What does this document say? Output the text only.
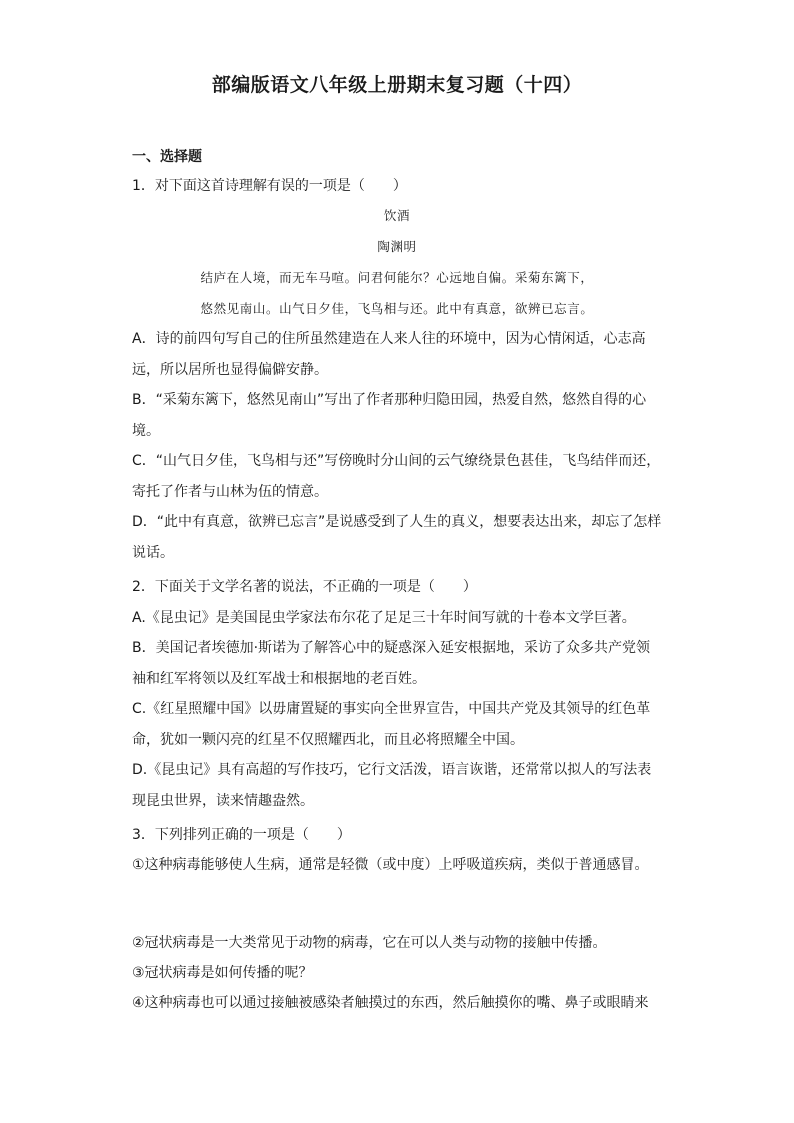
部编版语文八年级上册期末复习题（十四）
一、选择题

1．对下面这首诗理解有误的一项是（　　）

饮酒
陶渊明
结庐在人境，而无车马喧。问君何能尔？心远地自偏。采菊东篱下，
悠然见南山。山气日夕佳，飞鸟相与还。此中有真意，欲辨已忘言。

A．诗的前四句写自己的住所虽然建造在人来人往的环境中，因为心情闲适，心志高远，所以居所也显得偏僻安静。

B．“采菊东篱下，悠然见南山”写出了作者那种归隐田园，热爱自然，悠然自得的心境。

C．“山气日夕佳，飞鸟相与还”写傍晚时分山间的云气缭绕景色甚佳，飞鸟结伴而还，寄托了作者与山林为伍的情意。

D．“此中有真意，欲辨已忘言”是说感受到了人生的真义，想要表达出来，却忘了怎样说话。

2．下面关于文学名著的说法，不正确的一项是（　　）

A.《昆虫记》是美国昆虫学家法布尔花了足足三十年时间写就的十卷本文学巨著。

B．美国记者埃德加·斯诺为了解答心中的疑惑深入延安根据地，采访了众多共产党领袖和红军将领以及红军战士和根据地的老百姓。

C.《红星照耀中国》以毋庸置疑的事实向全世界宣告，中国共产党及其领导的红色革命，犹如一颗闪亮的红星不仅照耀西北，而且必将照耀全中国。

D.《昆虫记》具有高超的写作技巧，它行文活泼，语言诙谐，还常常以拟人的写法表现昆虫世界，读来情趣盎然。

3．下列排列正确的一项是（　　）

①这种病毒能够使人生病，通常是轻微（或中度）上呼吸道疾病，类似于普通感冒。

②冠状病毒是一大类常见于动物的病毒，它在可以人类与动物的接触中传播。

③冠状病毒是如何传播的呢？

④这种病毒也可以通过接触被感染者触摸过的东西，然后触摸你的嘴、鼻子或眼睛来
